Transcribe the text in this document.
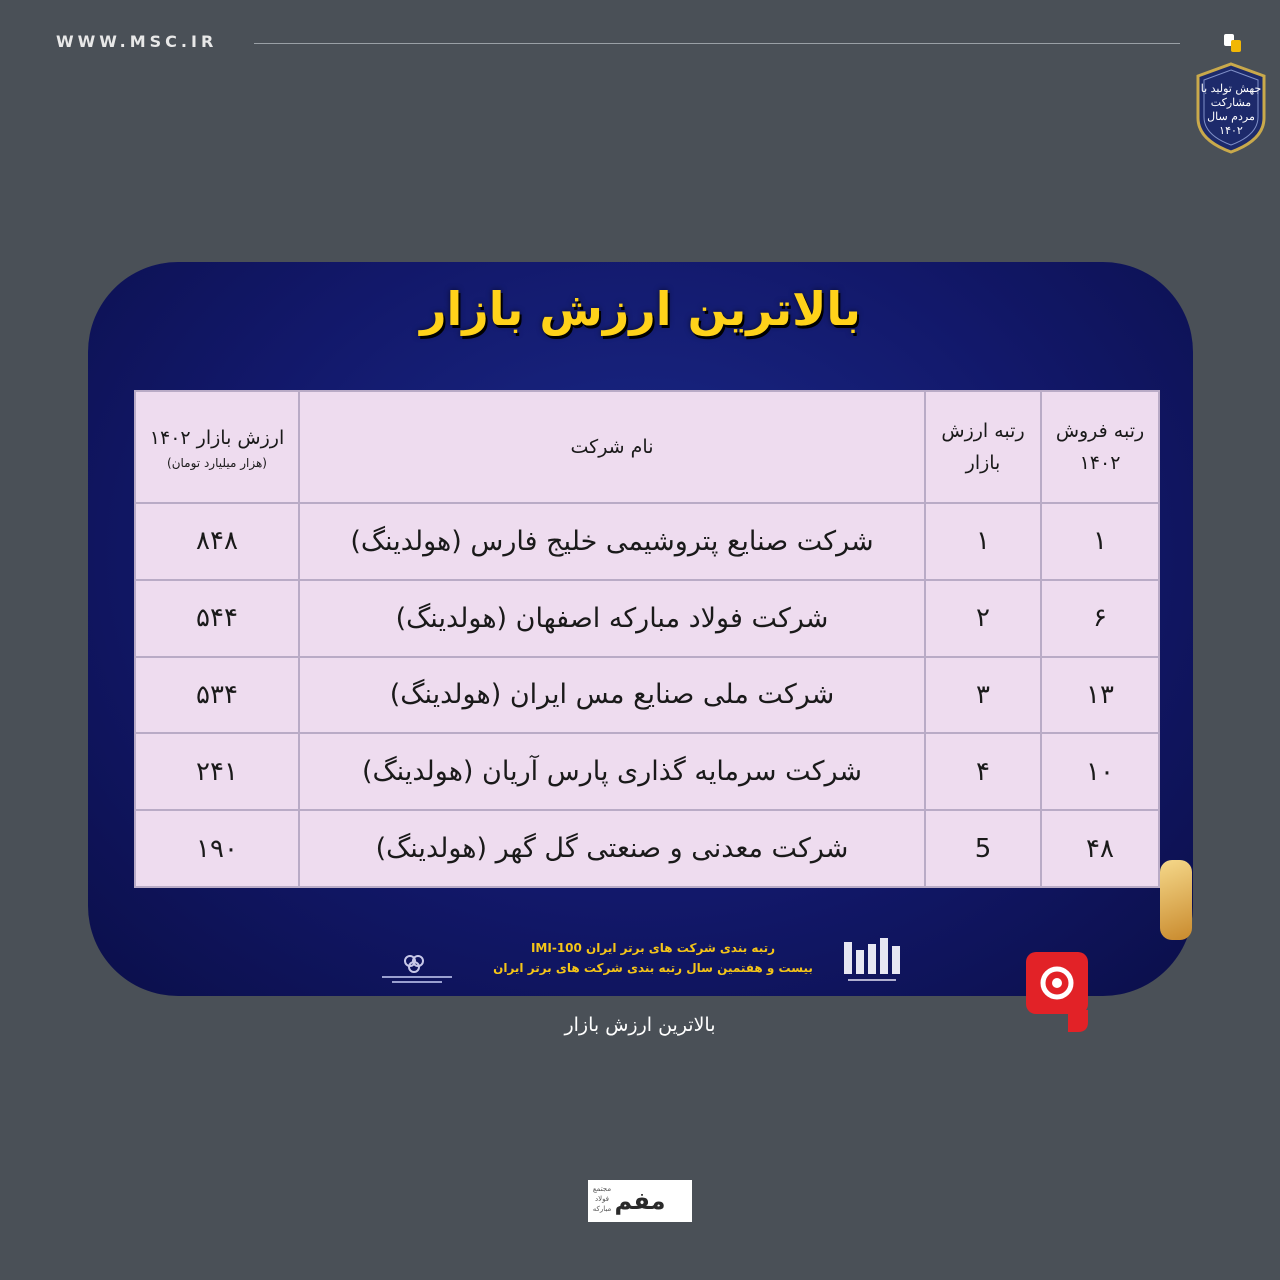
WWW.MSC.IR
جهش تولید با مشارکت مردم سال ۱۴۰۲
بالاترین ارزش بازار
رتبه فروش ۱۴۰۲	رتبه ارزش بازار	نام شرکت	ارزش بازار ۱۴۰۲
(هزار میلیارد تومان)

۱	۱	شرکت صنایع پتروشیمی خلیج فارس (هولدینگ)	۸۴۸
۶	۲	شرکت فولاد مبارکه اصفهان (هولدینگ)	۵۴۴
۱۳	۳	شرکت ملی صنایع مس ایران (هولدینگ)	۵۳۴
۱۰	۴	شرکت سرمایه گذاری پارس آریان (هولدینگ)	۲۴۱
۴۸	5	شرکت معدنی و صنعتی گل گهر (هولدینگ)	۱۹۰
رتبه بندی شرکت های برتر ایران IMI-100
بیست و هفتمین سال رتبه بندی شرکت های برتر ایران
بالاترین ارزش بازار
مجتمع فولاد مبارکه مفم
